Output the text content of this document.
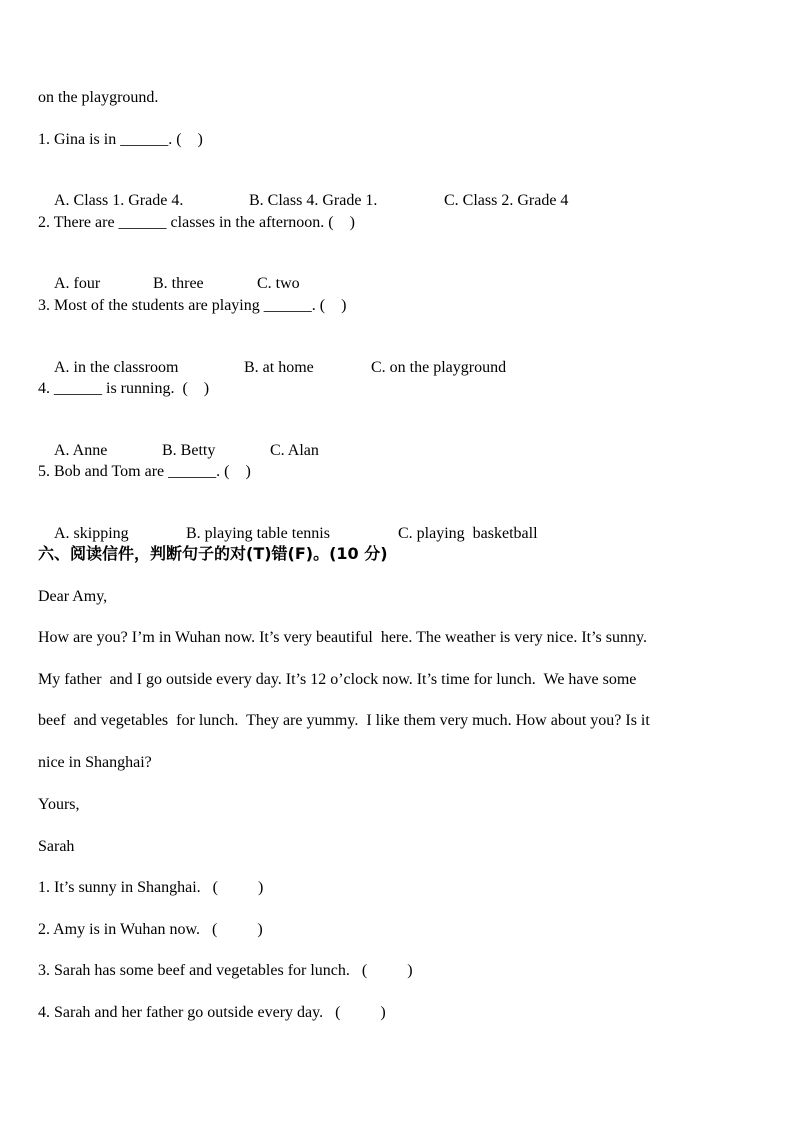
on the playground.
1. Gina is in ______. (    )

A. Class 1. Grade 4.	B. Class 4. Grade 1.	C. Class 2. Grade 4

2. There are ______ classes in the afternoon. (    )

A. four	B. three	C. two

3. Most of the students are playing ______. (    )

A. in the classroom	B. at home	C. on the playground

4. ______ is running.  (    )

A. Anne	B. Betty	C. Alan

5. Bob and Tom are ______. (    )

A. skipping	B. playing table tennis	C. playing  basketball

六、阅读信件，判断句子的对(T)错(F)。(10 分)
Dear Amy,
How are you? I’m in Wuhan now. It’s very beautiful  here. The weather is very nice. It’s sunny.
My father  and I go outside every day. It’s 12 o’clock now. It’s time for lunch.  We have some
beef  and vegetables  for lunch.  They are yummy.  I like them very much. How about you? Is it
nice in Shanghai?
Yours,
Sarah
1. It’s sunny in Shanghai.   (          )
2. Amy is in Wuhan now.   (          )
3. Sarah has some beef and vegetables for lunch.   (          )
4. Sarah and her father go outside every day.   (          )
